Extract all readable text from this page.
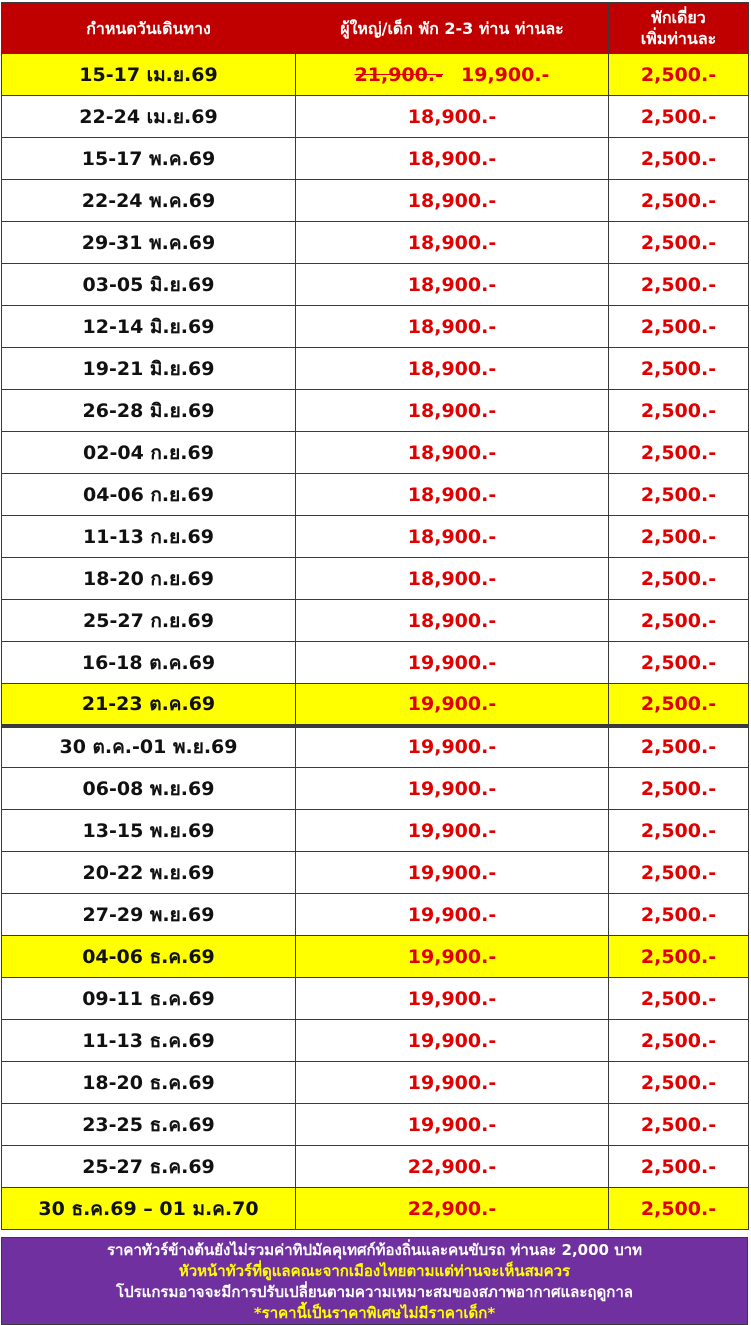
กำหนดวันเดินทาง	ผู้ใหญ่/เด็ก พัก 2-3 ท่าน ท่านละ	พักเดี่ยว
เพิ่มท่านละ
15-17 เม.ย.69	21,900.- 19,900.-	2,500.-
22-24 เม.ย.69	18,900.-	2,500.-
15-17 พ.ค.69	18,900.-	2,500.-
22-24 พ.ค.69	18,900.-	2,500.-
29-31 พ.ค.69	18,900.-	2,500.-
03-05 มิ.ย.69	18,900.-	2,500.-
12-14 มิ.ย.69	18,900.-	2,500.-
19-21 มิ.ย.69	18,900.-	2,500.-
26-28 มิ.ย.69	18,900.-	2,500.-
02-04 ก.ย.69	18,900.-	2,500.-
04-06 ก.ย.69	18,900.-	2,500.-
11-13 ก.ย.69	18,900.-	2,500.-
18-20 ก.ย.69	18,900.-	2,500.-
25-27 ก.ย.69	18,900.-	2,500.-
16-18 ต.ค.69	19,900.-	2,500.-
21-23 ต.ค.69	19,900.-	2,500.-
30 ต.ค.-01 พ.ย.69	19,900.-	2,500.-
06-08 พ.ย.69	19,900.-	2,500.-
13-15 พ.ย.69	19,900.-	2,500.-
20-22 พ.ย.69	19,900.-	2,500.-
27-29 พ.ย.69	19,900.-	2,500.-
04-06 ธ.ค.69	19,900.-	2,500.-
09-11 ธ.ค.69	19,900.-	2,500.-
11-13 ธ.ค.69	19,900.-	2,500.-
18-20 ธ.ค.69	19,900.-	2,500.-
23-25 ธ.ค.69	19,900.-	2,500.-
25-27 ธ.ค.69	22,900.-	2,500.-
30 ธ.ค.69 – 01 ม.ค.70	22,900.-	2,500.-
ราคาทัวร์ข้างต้นยังไม่รวมค่าทิปมัคคุเทศก์ท้องถิ่นและคนขับรถ ท่านละ 2,000 บาท
หัวหน้าทัวร์ที่ดูแลคณะจากเมืองไทยตามแต่ท่านจะเห็นสมควร
โปรแกรมอาจจะมีการปรับเปลี่ยนตามความเหมาะสมของสภาพอากาศและฤดูกาล
*ราคานี้เป็นราคาพิเศษไม่มีราคาเด็ก*
